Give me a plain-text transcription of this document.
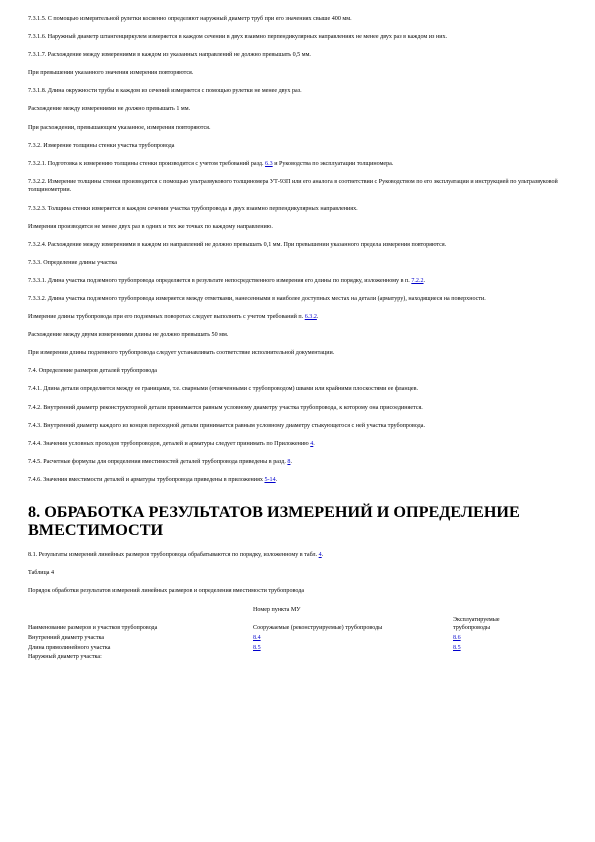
7.3.1.5. С помощью измерительной рулетки косвенно определяют наружный диаметр труб при его значениях свыше 400 мм.

7.3.1.6. Наружный диаметр штангенциркулем измеряется в каждом сечении в двух взаимно перпендикулярных направлениях не менее двух раз в каждом из них.

7.3.1.7. Расхождение между измерениями в каждом из указанных направлений не должно превышать 0,5 мм.

При превышении указанного значения измерения повторяются.

7.3.1.8. Длина окружности трубы в каждом из сечений измеряется с помощью рулетки не менее двух раз.

Расхождение между измерениями не должно превышать 1 мм.

При расхождении, превышающем указанное, измерения повторяются.

7.3.2. Измерение толщины стенки участка трубопровода

7.3.2.1. Подготовка к измерению толщины стенки производится с учетом требований разд. 6.3 и Руководства по эксплуатации толщиномера.

7.3.2.2. Измерение толщины стенки производится с помощью ультразвукового толщиномера УТ-93П или его аналога в соответствии с Руководством по его эксплуатации и инструкцией по ультразвуковой толщинометрии.

7.3.2.3. Толщина стенки измеряется в каждом сечении участка трубопровода в двух взаимно перпендикулярных направлениях.

Измерения производятся не менее двух раз в одних и тех же точках по каждому направлению.

7.3.2.4. Расхождение между измерениями в каждом из направлений не должно превышать 0,1 мм. При превышении указанного предела измерения повторяются.

7.3.3. Определение длины участка

7.3.3.1. Длина участка подземного трубопровода определяется в результате непосредственного измерения его длины по порядку, изложенному в п. 7.2.2.

7.3.3.2. Длина участка подземного трубопровода измеряется между отметками, нанесенными в наиболее доступных местах на детали (арматуру), находящиеся на поверхности.

Измерение длины трубопровода при его подземных поворотах следует выполнять с учетом требований п. 6.3.2.

Расхождение между двумя измерениями длины не должно превышать 50 мм.

При измерении длины подземного трубопровода следует устанавливать соответствие исполнительной документации.

7.4. Определение размеров деталей трубопровода

7.4.1. Длина детали определяется между ее границами, т.е. сварными (отмеченными с трубопроводом) швами или крайними плоскостями ее фланцев.

7.4.2. Внутренний диаметр реконструкторной детали принимается равным условному диаметру участка трубопровода, к которому она присоединяется.

7.4.3. Внутренний диаметр каждого из концов переходной детали принимается равным условному диаметру стыкующегося с ней участка трубопровода.

7.4.4. Значения условных проходов трубопроводов, деталей и арматуры следует принимать по Приложению 4.

7.4.5. Расчетные формулы для определения вместимостей деталей трубопровода приведены в разд. 8.

7.4.6. Значения вместимости деталей и арматуры трубопровода приведены в приложениях 5-14.

8. ОБРАБОТКА РЕЗУЛЬТАТОВ ИЗМЕРЕНИЙ И ОПРЕДЕЛЕНИЕ ВМЕСТИМОСТИ

8.1. Результаты измерений линейных размеров трубопровода обрабатываются по порядку, изложенному в табл. 4.

Таблица 4

Порядок обработки результатов измерений линейных размеров и определения вместимости трубопровода

Наименование размеров и участков трубопровода	Номер пункта МУ	Эксплуатируемые трубопроводы
	Сооружаемые (реконструируемые) трубопроводы	
Внутренний диаметр участка	8.4	8.6
Длина прямолинейного участка	8.5	8.5
Наружный диаметр участка:		
